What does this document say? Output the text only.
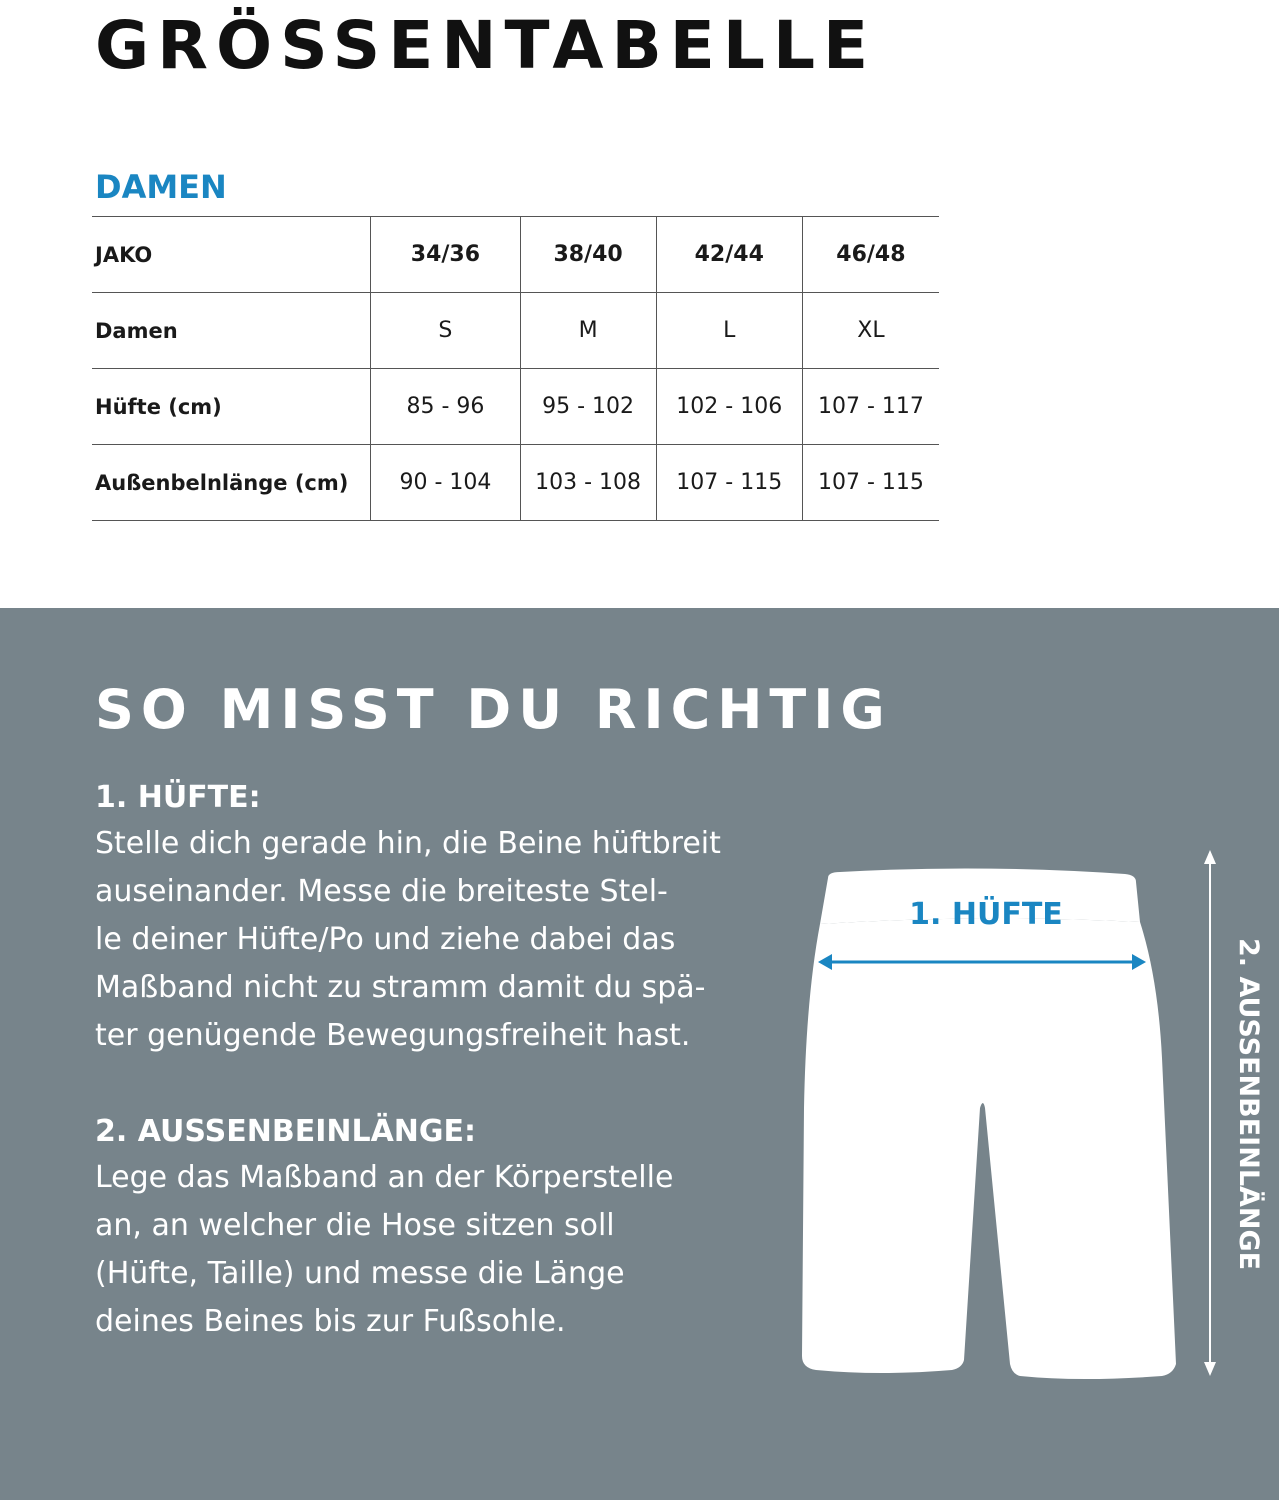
GRÖSSENTABELLE
DAMEN
JAKO	34/36	38/40	42/44	46/48
Damen	S	M	L	XL
Hüfte (cm)	85 - 96	95 - 102	102 - 106	107 - 117
Außenbelnlänge (cm)	90 - 104	103 - 108	107 - 115	107 - 115
SO MISST DU RICHTIG

1. HÜFTE:

Stelle dich gerade hin, die Beine hüftbreit

auseinander. Messe die breiteste Stel-

le deiner Hüfte/Po und ziehe dabei das

Maßband nicht zu stramm damit du spä-

ter genügende Bewegungsfreiheit hast.

2. AUSSENBEINLÄNGE:

Lege das Maßband an der Körperstelle

an, an welcher die Hose sitzen soll

(Hüfte, Taille) und messe die Länge

deines Beines bis zur Fußsohle.

1. HÜFTE
2. AUSSENBEINLÄNGE
